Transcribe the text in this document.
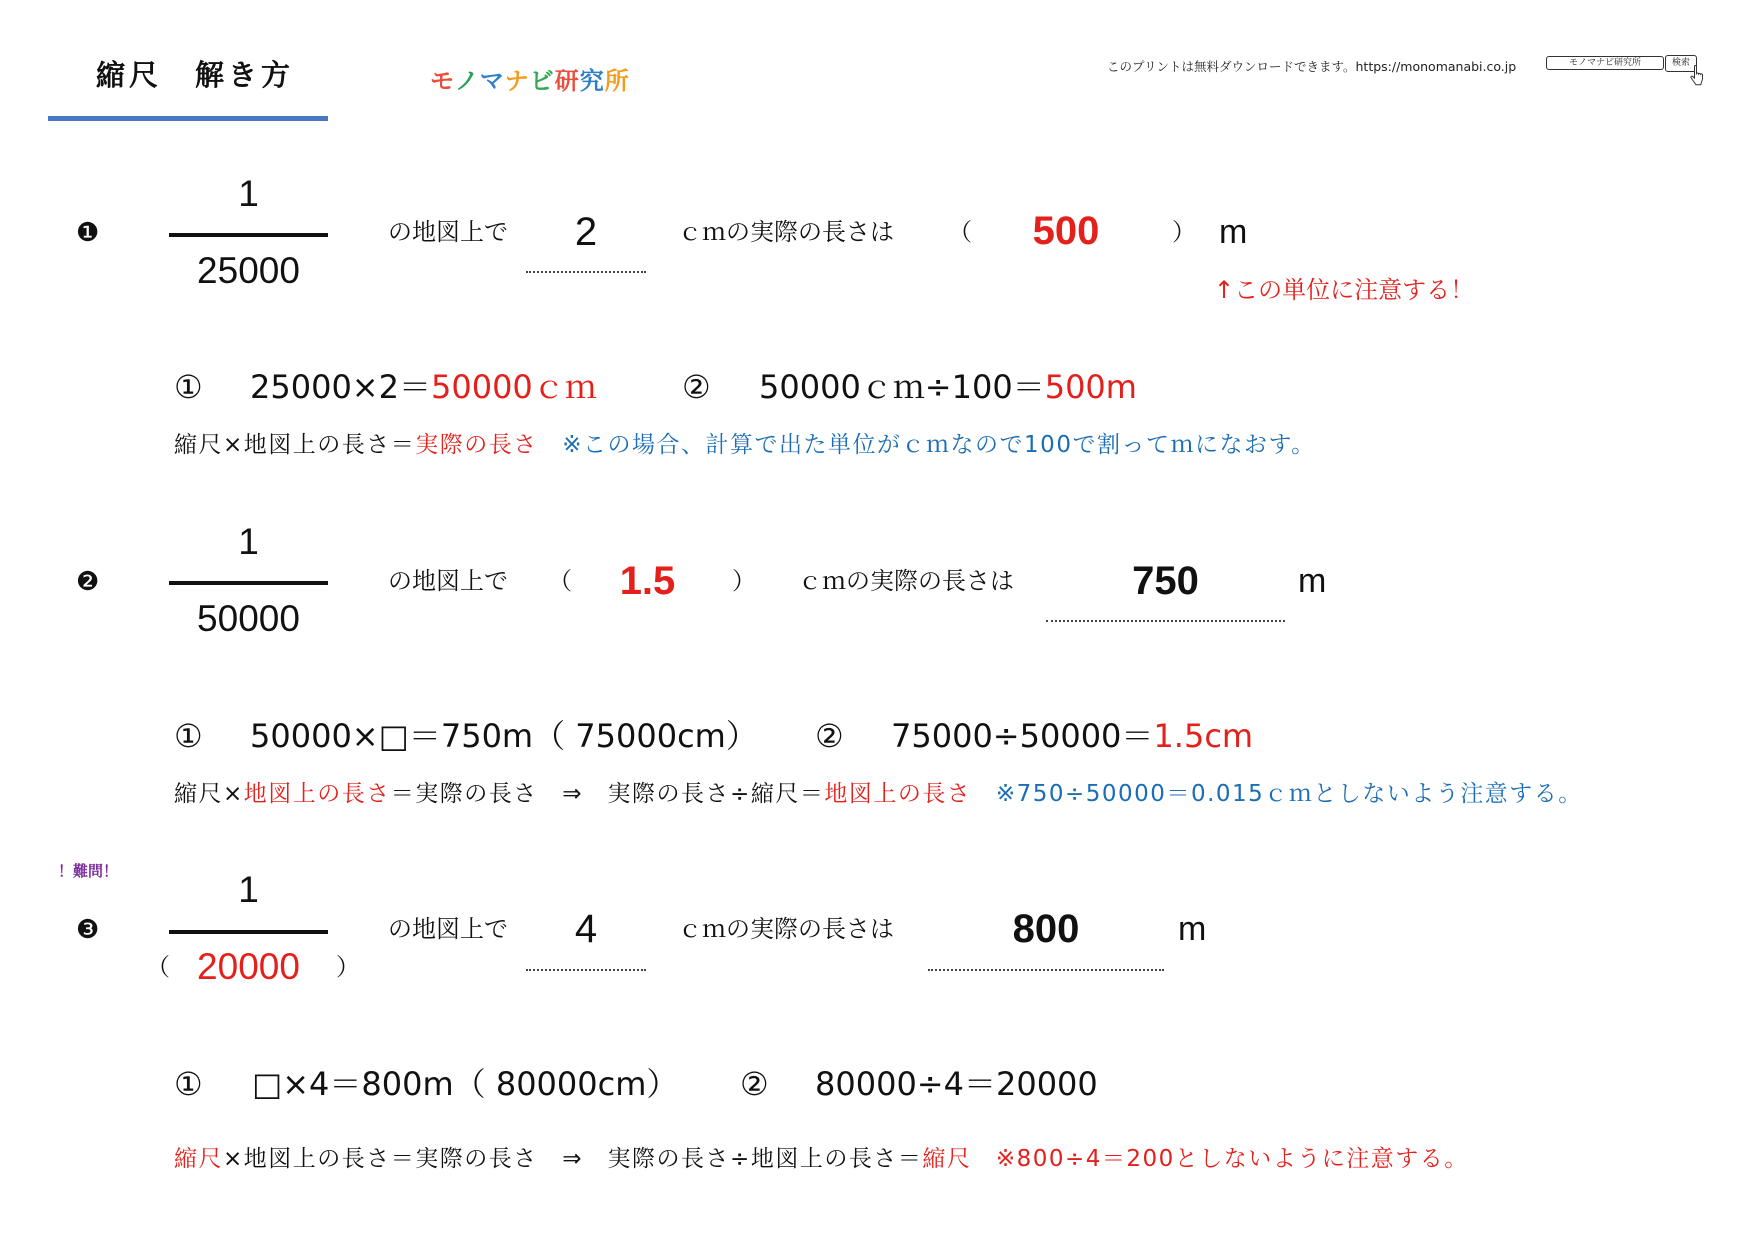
縮尺　解き方	モノマナビ研究所
このプリントは無料ダウンロードできます。https://monomanabi.co.jp
モノマナビ研究所	検索
❶
1
25000
の地図上で	2	ｃｍの実際の長さは （	500	） m
↑この単位に注意する！
① 25000×2＝50000ｃｍ	② 50000ｃｍ÷100＝500m
縮尺×地図上の長さ＝実際の長さ　※この場合、計算で出た単位がｃｍなので100で割ってｍになおす。
❷
1
50000
の地図上で （	1.5	） ｃｍの実際の長さは	750	m
① 50000×□＝750m（ 75000cm） ② 75000÷50000＝1.5cm
縮尺×地図上の長さ＝実際の長さ　⇒　実際の長さ÷縮尺＝地図上の長さ　※750÷50000＝0.015ｃｍとしないよう注意する。
！難問！
❸
1
（ 20000	）
の地図上で	4	ｃｍの実際の長さは	800	m
① □×4＝800m（ 80000cm） ② 80000÷4＝20000
縮尺×地図上の長さ＝実際の長さ　⇒　実際の長さ÷地図上の長さ＝縮尺　※800÷4＝200としないように注意する。
